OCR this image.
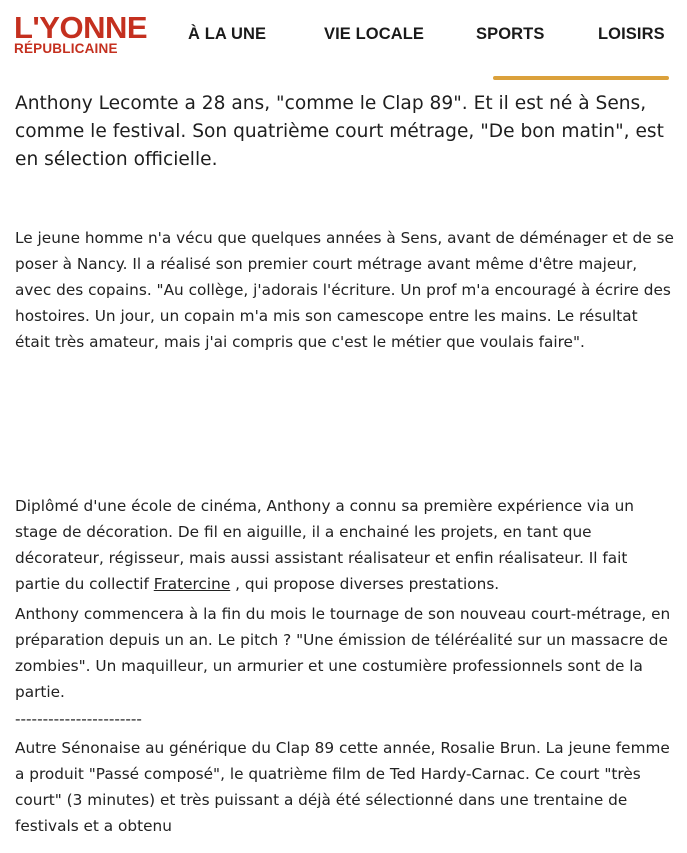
L'YONNE
RÉPUBLICAINE
À LA UNE	VIE LOCALE	SPORTS	LOISIRS

Anthony Lecomte a 28 ans, "comme le Clap 89". Et il est né à Sens, comme le festival. Son quatrième court métrage, "De bon matin", est en sélection officielle.

Le jeune homme n'a vécu que quelques années à Sens, avant de déménager et de se poser à Nancy. Il a réalisé son premier court métrage avant même d'être majeur, avec des copains. "Au collège, j'adorais l'écriture. Un prof m'a encouragé à écrire des hostoires. Un jour, un copain m'a mis son camescope entre les mains. Le résultat était très amateur, mais j'ai compris que c'est le métier que voulais faire".

Diplômé d'une école de cinéma, Anthony a connu sa première expérience via un stage de décoration. De fil en aiguille, il a enchainé les projets, en tant que décorateur, régisseur, mais aussi assistant réalisateur et enfin réalisateur. Il fait partie du collectif Fratercine , qui propose diverses prestations.

Anthony commencera à la fin du mois le tournage de son nouveau court-métrage, en préparation depuis un an. Le pitch ? "Une émission de téléréalité sur un massacre de zombies". Un maquilleur, un armurier et une costumière professionnels sont de la partie.

-----------------------

Autre Sénonaise au générique du Clap 89 cette année, Rosalie Brun. La jeune femme a produit "Passé composé", le quatrième film de Ted Hardy-Carnac. Ce court "très court" (3 minutes) et très puissant a déjà été sélectionné dans une trentaine de festivals et a obtenu
